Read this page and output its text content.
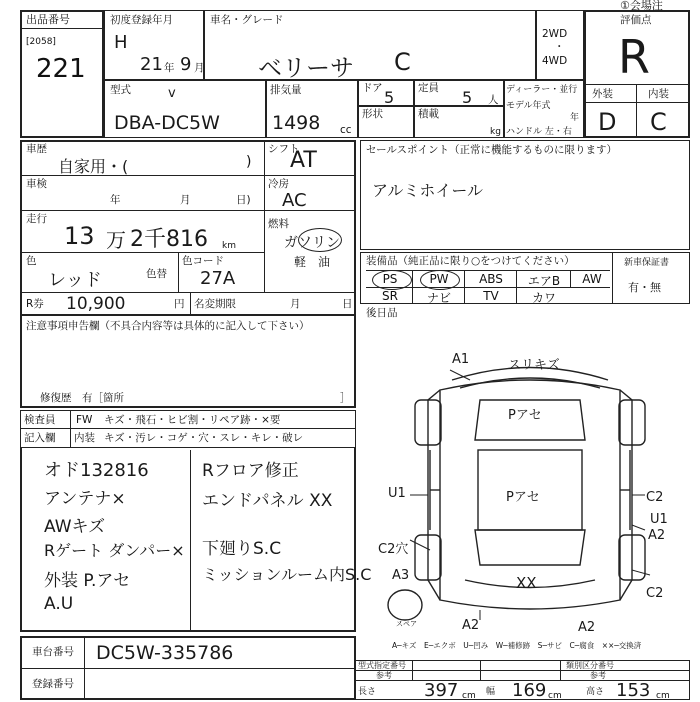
出品番号
[2058]
221
初度登録年月
H
21 年 9 月
車名・グレード
ベリーサ C
2WD
・
4WD
①会場注
評価点
R
外装	内装
D C
型式	v
DBA-DC5W
排気量
1498 cc
ドア 5 定員 5 人
形状	積載
kg
ディーラー・並行
モデル年式
年
ハンドル 左・右
車歴
自家用・(	)
シフト
AT
車検
年	月	日)
冷房
AC
走行
13 万 2千816 km
燃料
ガソリン
軽　油
色
レッド	色替
色コード
27A
R券 10,900	円 名変期限	月	日
注意事項申告欄（不具合内容等は具体的に記入して下さい）
修復歴　有［箇所	］
検査員
記入欄
FW キズ・飛石・ヒビ割・リペア跡・×要
内装 キズ・汚レ・コゲ・穴・スレ・キレ・破レ
オド132816
アンテナ×
AWキズ
Rゲート ダンパー×
外装 P.アセ
A.U
Rフロア修正
エンドパネル XX
下廻りS.C
ミッションルーム内S.C
セールスポイント（正常に機能するものに限ります）
アルミホイール
装備品（純正品に限り○をつけてください）	新車保証書
PS	PW	ABS	エアB	AW
SR	ナビ	TV	カワ
有・無
後日品
A1	スリキズ
Pアセ
Pアセ
U1
C2穴
A3
C2
U1
A2
C2
XX
A2	A2
スペア
A─キズ　E─エクボ　U─凹み　W─補修跡　S─サビ　C─腐食　××─交換済
車台番号 DC5W-335786
登録番号
型式指定番号
参考
類別区分番号
参考
長さ	397 cm 幅 169 cm	高さ 153 cm
